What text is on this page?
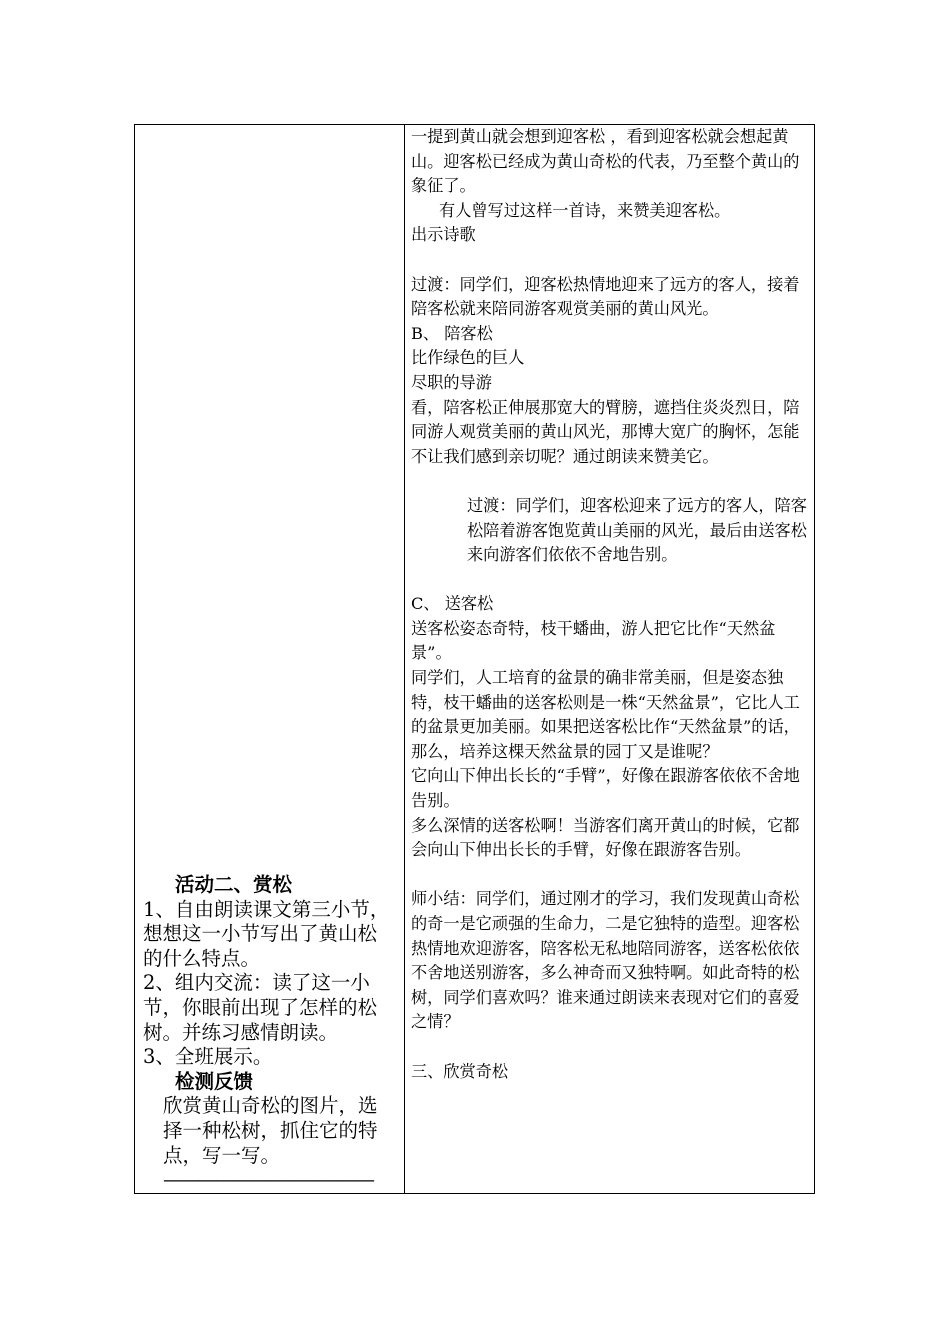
活动二、赏松
1、自由朗读课文第三小节，想想这一小节写出了黄山松的什么特点。
2、组内交流：读了这一小节，你眼前出现了怎样的松树。并练习感情朗读。
3、全班展示。
检测反馈
欣赏黄山奇松的图片，选择一种松树，抓住它的特点，写一写。
————————————
一提到黄山就会想到迎客松 ，看到迎客松就会想起黄山。迎客松已经成为黄山奇松的代表，乃至整个黄山的象征了。
有人曾写过这样一首诗，来赞美迎客松。
出示诗歌
过渡：同学们，迎客松热情地迎来了远方的客人，接着陪客松就来陪同游客观赏美丽的黄山风光。
B、 陪客松
比作绿色的巨人
尽职的导游
看，陪客松正伸展那宽大的臂膀，遮挡住炎炎烈日，陪同游人观赏美丽的黄山风光，那博大宽广的胸怀，怎能不让我们感到亲切呢？通过朗读来赞美它。
过渡：同学们，迎客松迎来了远方的客人，陪客松陪着游客饱览黄山美丽的风光，最后由送客松来向游客们依依不舍地告别。
C、 送客松
送客松姿态奇特，枝干蟠曲，游人把它比作“天然盆景”。
同学们，人工培育的盆景的确非常美丽，但是姿态独特，枝干蟠曲的送客松则是一株“天然盆景”，它比人工的盆景更加美丽。如果把送客松比作“天然盆景”的话，那么，培养这棵天然盆景的园丁又是谁呢？
它向山下伸出长长的“手臂”，好像在跟游客依依不舍地告别。
多么深情的送客松啊！当游客们离开黄山的时候，它都会向山下伸出长长的手臂，好像在跟游客告别。
师小结：同学们，通过刚才的学习，我们发现黄山奇松的奇一是它顽强的生命力，二是它独特的造型。迎客松热情地欢迎游客，陪客松无私地陪同游客，送客松依依不舍地送别游客，多么神奇而又独特啊。如此奇特的松树，同学们喜欢吗？谁来通过朗读来表现对它们的喜爱之情？
三、欣赏奇松
